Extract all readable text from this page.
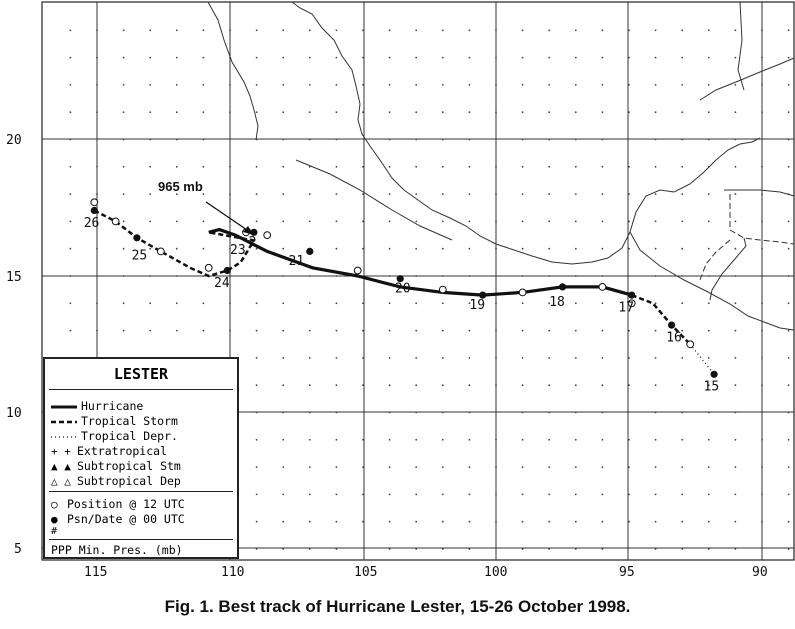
26
25
24
23
2
21
20
19	18	17
16
15
965 mb
20
15
10
5
115	110	105	100	95	90
LESTER
Hurricane
Tropical Storm
Tropical Depr.
+ + Extratropical
▲ ▲ Subtropical Stm
△ △ Subtropical Dep
○ Position @ 12 UTC
● Psn/Date @ 00 UTC
#
PPP Min. Pres. (mb)
Fig. 1. Best track of Hurricane Lester, 15-26 October 1998.
